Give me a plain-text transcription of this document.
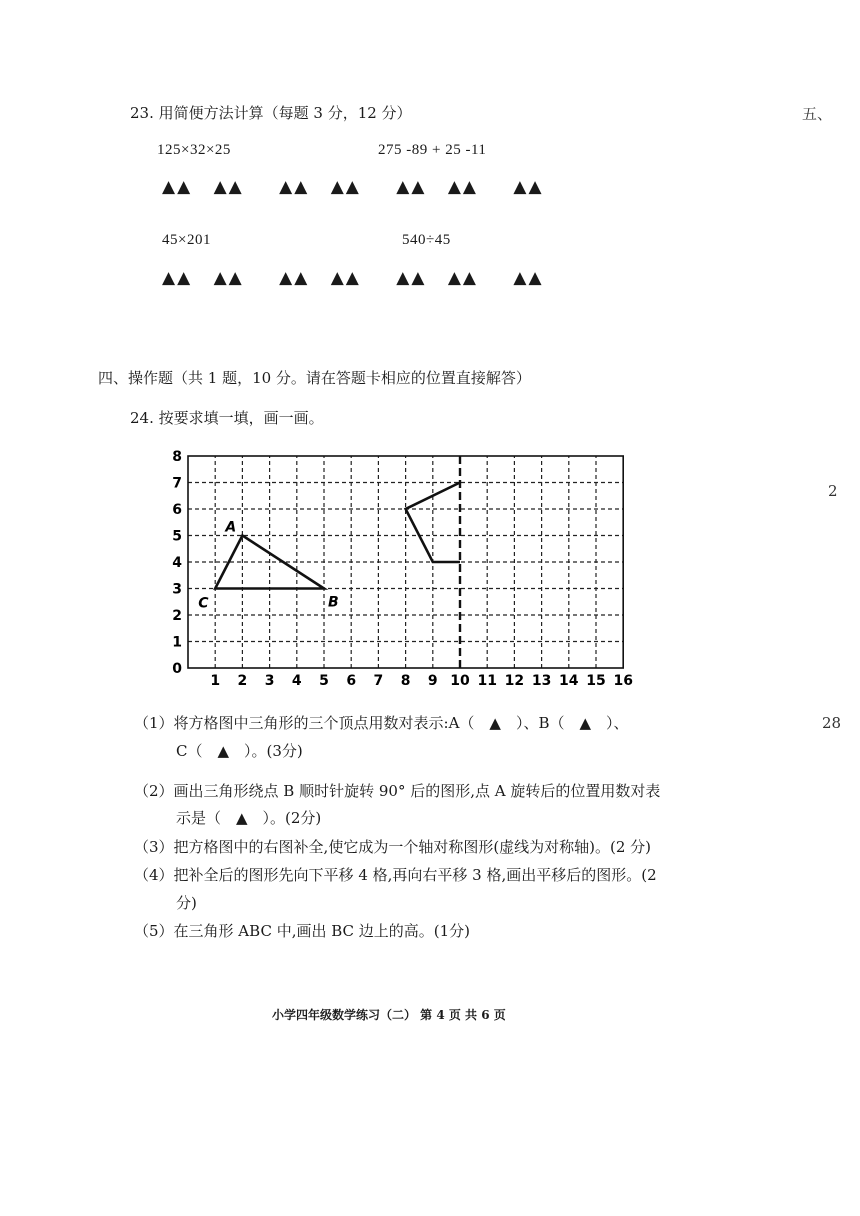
23. 用简便方法计算（每题 3 分，12 分）
125×32×25	275 -89 + 25 -11
▲▲ ▲▲ ▲▲ ▲▲ ▲▲ ▲▲ ▲▲
45×201	540÷45
▲▲ ▲▲ ▲▲ ▲▲ ▲▲ ▲▲ ▲▲
四、操作题（共 1 题，10 分。请在答题卡相应的位置直接解答）
24. 按要求填一填，画一画。
1 2 3 4 5 6 7 8 9 10 11 12 13 14 15 16
0
1
2
3
4
5
6
7
8
A
B
C
（1）将方格图中三角形的三个顶点用数对表示:A（　▲　）、B（　▲　）、
C（　▲　）。(3分)
（2）画出三角形绕点 B 顺时针旋转 90° 后的图形,点 A 旋转后的位置用数对表
示是（　▲　）。(2分)
（3）把方格图中的右图补全,使它成为一个轴对称图形(虚线为对称轴)。(2 分)
（4）把补全后的图形先向下平移 4 格,再向右平移 3 格,画出平移后的图形。(2
分)
（5）在三角形 ABC 中,画出 BC 边上的高。(1分)
小学四年级数学练习（二） 第 4 页 共 6 页
五、
2
28
